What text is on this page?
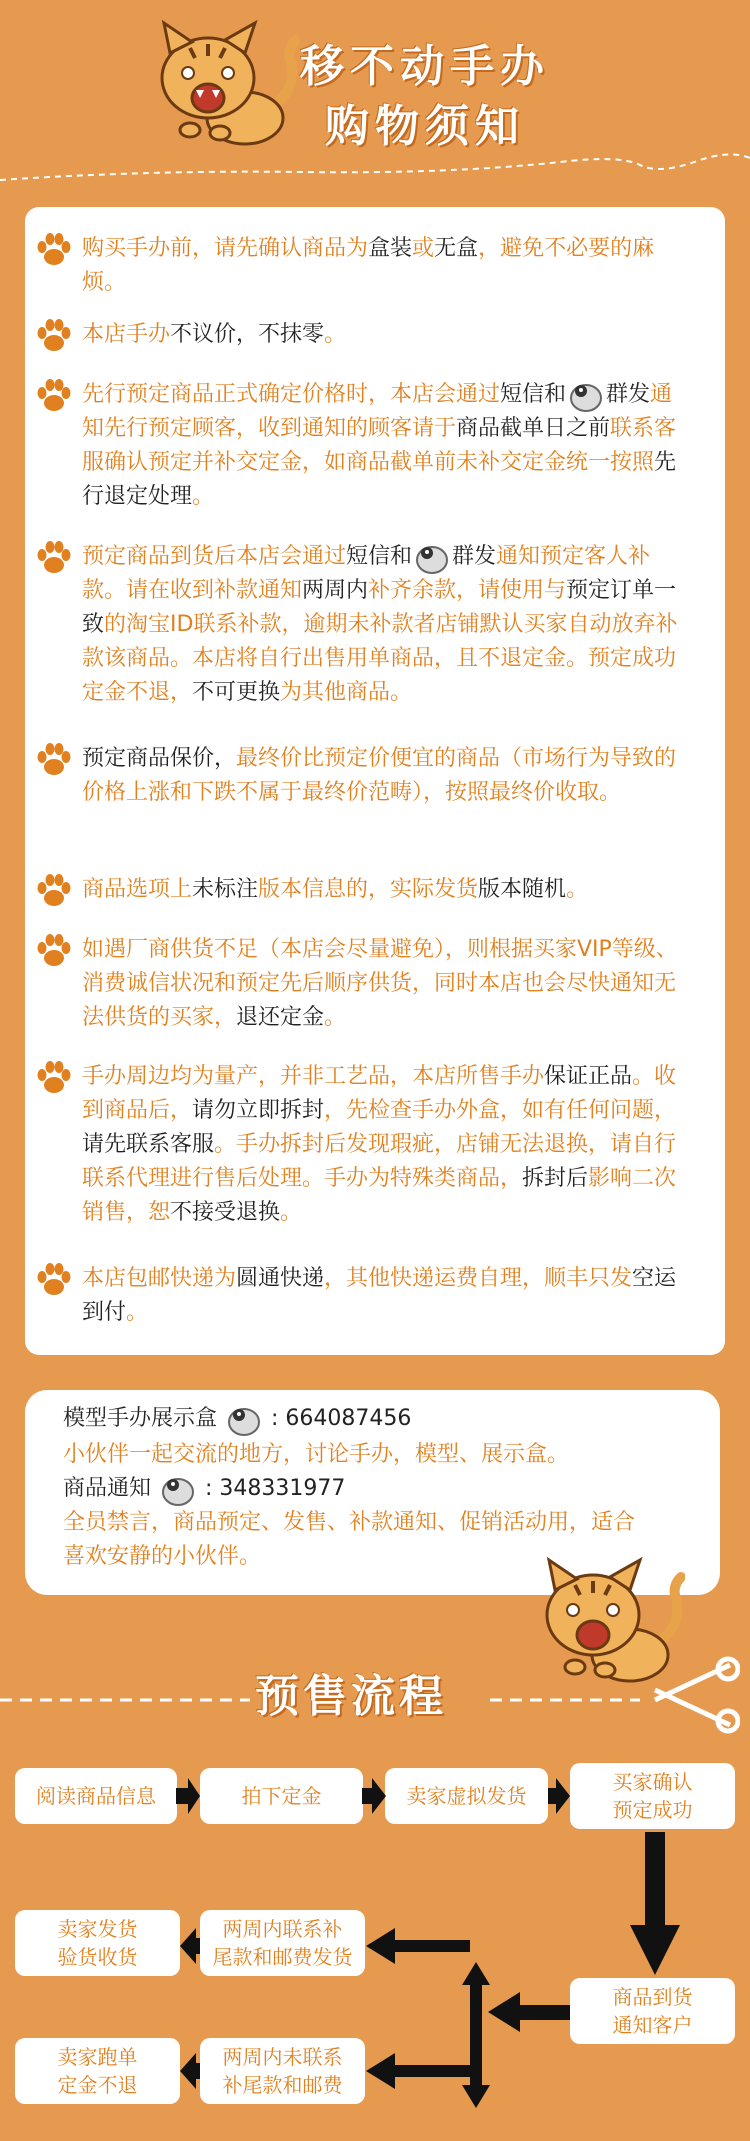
移不动手办
购物须知
购买手办前，请先确认商品为盒装或无盒，避免不必要的麻烦。
本店手办不议价，不抹零。
先行预定商品正式确定价格时，本店会通过短信和 群发通知先行预定顾客，收到通知的顾客请于商品截单日之前联系客服确认预定并补交定金，如商品截单前未补交定金统一按照先行退定处理。
预定商品到货后本店会通过短信和 群发通知预定客人补款。请在收到补款通知两周内补齐余款，请使用与预定订单一致的淘宝ID联系补款，逾期未补款者店铺默认买家自动放弃补款该商品。本店将自行出售用单商品，且不退定金。预定成功定金不退，不可更换为其他商品。
预定商品保价，最终价比预定价便宜的商品（市场行为导致的价格上涨和下跌不属于最终价范畴），按照最终价收取。
商品选项上未标注版本信息的，实际发货版本随机。
如遇厂商供货不足（本店会尽量避免），则根据买家VIP等级、消费诚信状况和预定先后顺序供货，同时本店也会尽快通知无法供货的买家，退还定金。
手办周边均为量产，并非工艺品，本店所售手办保证正品。收到商品后，请勿立即拆封，先检查手办外盒，如有任何问题，请先联系客服。手办拆封后发现瑕疵，店铺无法退换，请自行联系代理进行售后处理。手办为特殊类商品，拆封后影响二次销售，恕不接受退换。
本店包邮快递为圆通快递，其他快递运费自理，顺丰只发空运到付。
模型手办展示盒 : 664087456
小伙伴一起交流的地方，讨论手办，模型、展示盒。
商品通知 : 348331977
全员禁言，商品预定、发售、补款通知、促销活动用，适合
喜欢安静的小伙伴。
预售流程
阅读商品信息	拍下定金	卖家虚拟发货
买家确认
预定成功
卖家发货
验货收货
两周内联系补
尾款和邮费发货
商品到货
通知客户
卖家跑单
定金不退
两周内未联系
补尾款和邮费
